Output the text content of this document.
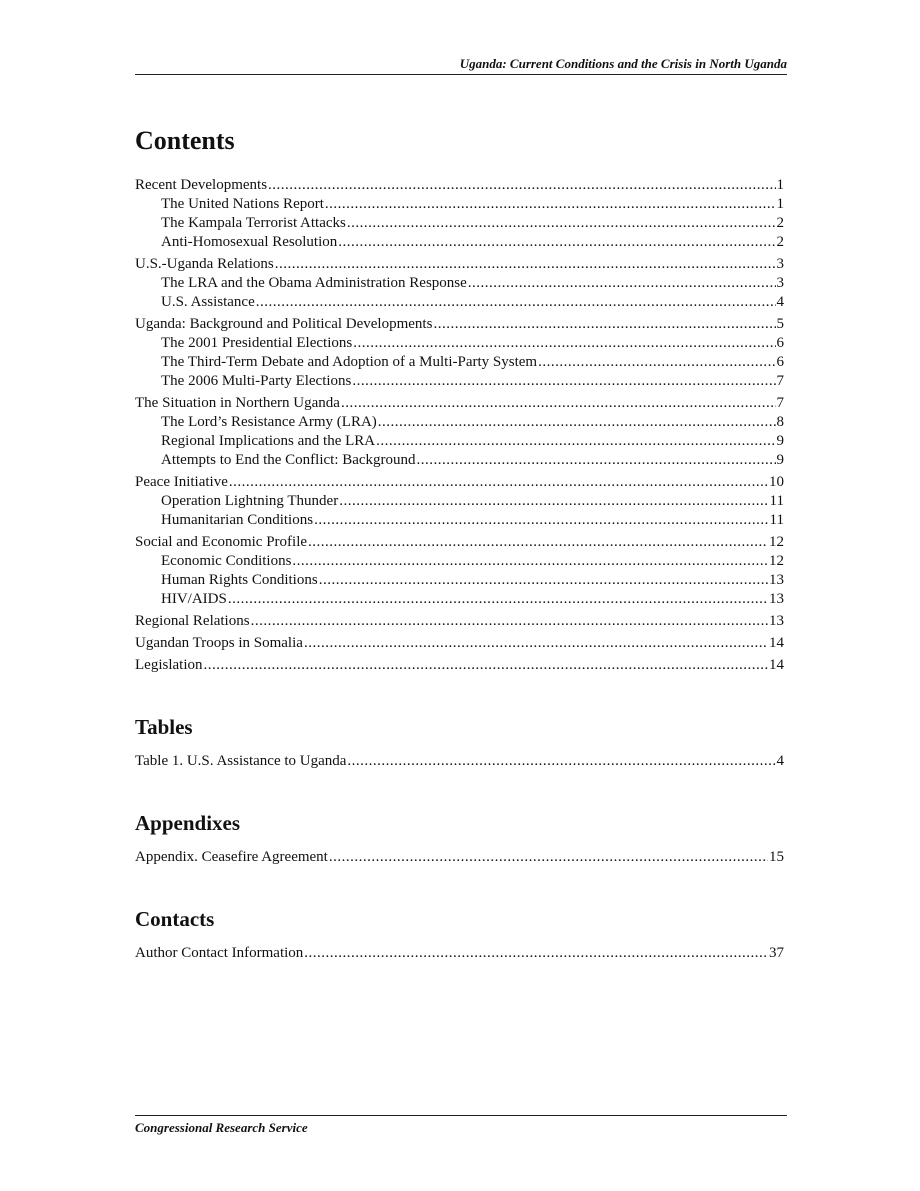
Uganda: Current Conditions and the Crisis in North Uganda
Contents
Recent Developments .....	1
The United Nations Report .....	1
The Kampala Terrorist Attacks .....	2
Anti-Homosexual Resolution .....	2
U.S.-Uganda Relations .....	3
The LRA and the Obama Administration Response .....	3
U.S. Assistance .....	4
Uganda: Background and Political Developments .....	5
The 2001 Presidential Elections .....	6
The Third-Term Debate and Adoption of a Multi-Party System .....	6
The 2006 Multi-Party Elections .....	7
The Situation in Northern Uganda .....	7
The Lord’s Resistance Army (LRA) .....	8
Regional Implications and the LRA .....	9
Attempts to End the Conflict: Background .....	9
Peace Initiative .....	10
Operation Lightning Thunder .....	11
Humanitarian Conditions .....	11
Social and Economic Profile .....	12
Economic Conditions .....	12
Human Rights Conditions .....	13
HIV/AIDS .....	13
Regional Relations .....	13
Ugandan Troops in Somalia .....	14
Legislation .....	14
Tables
Table 1. U.S. Assistance to Uganda .....	4
Appendixes
Appendix. Ceasefire Agreement .....	15
Contacts
Author Contact Information .....	37
Congressional Research Service
